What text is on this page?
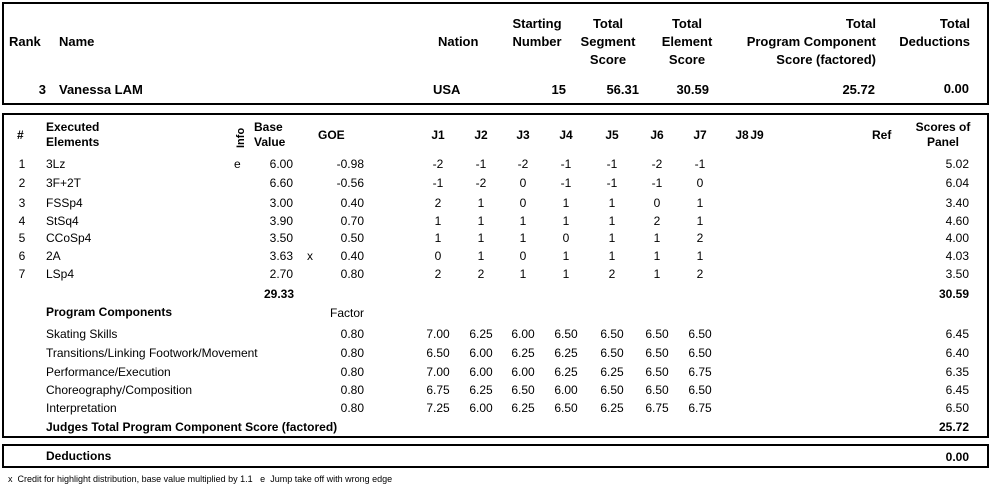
Rank Name	Nation
Starting
Number
Total
Segment
Score
Total
Element
Score
Total
Program Component
Score (factored)
Total
Deductions
3 Vanessa LAM	USA	15	56.31	30.59	25.72	0.00
#
Executed
Elements	Info
Base
Value	GOE	J1	J2	J3	J4	J5	J6	J7	J8 J9	Ref
Scores of
Panel
1	3Lz	e	6.00	-0.98	-2	-1	-2	-1	-1	-2	-1	5.02
2	3F+2T	6.60	-0.56	-1	-2	0	-1	-1	-1	0	6.04
3	FSSp4	3.00	0.40	2	1	0	1	1	0	1	3.40
4	StSq4	3.90	0.70	1	1	1	1	1	2	1	4.60
5	CCoSp4	3.50	0.50	1	1	1	0	1	1	2	4.00
6	2A	3.63 x	0.40	0	1	0	1	1	1	1	4.03
7	LSp4	2.70	0.80	2	2	1	1	2	1	2	3.50
29.33	30.59
Program Components	Factor
Skating Skills	0.80	7.00	6.25	6.00	6.50	6.50	6.50	6.50	6.45
Transitions/Linking Footwork/Movement	0.80	6.50	6.00	6.25	6.25	6.50	6.50	6.50	6.40
Performance/Execution	0.80	7.00	6.00	6.00	6.25	6.25	6.50	6.75	6.35
Choreography/Composition	0.80	6.75	6.25	6.50	6.00	6.50	6.50	6.50	6.45
Interpretation	0.80	7.25	6.00	6.25	6.50	6.25	6.75	6.75	6.50
Judges Total Program Component Score (factored)	25.72
Deductions	0.00
x Credit for highlight distribution, base value multiplied by 1.1 e Jump take off with wrong edge
